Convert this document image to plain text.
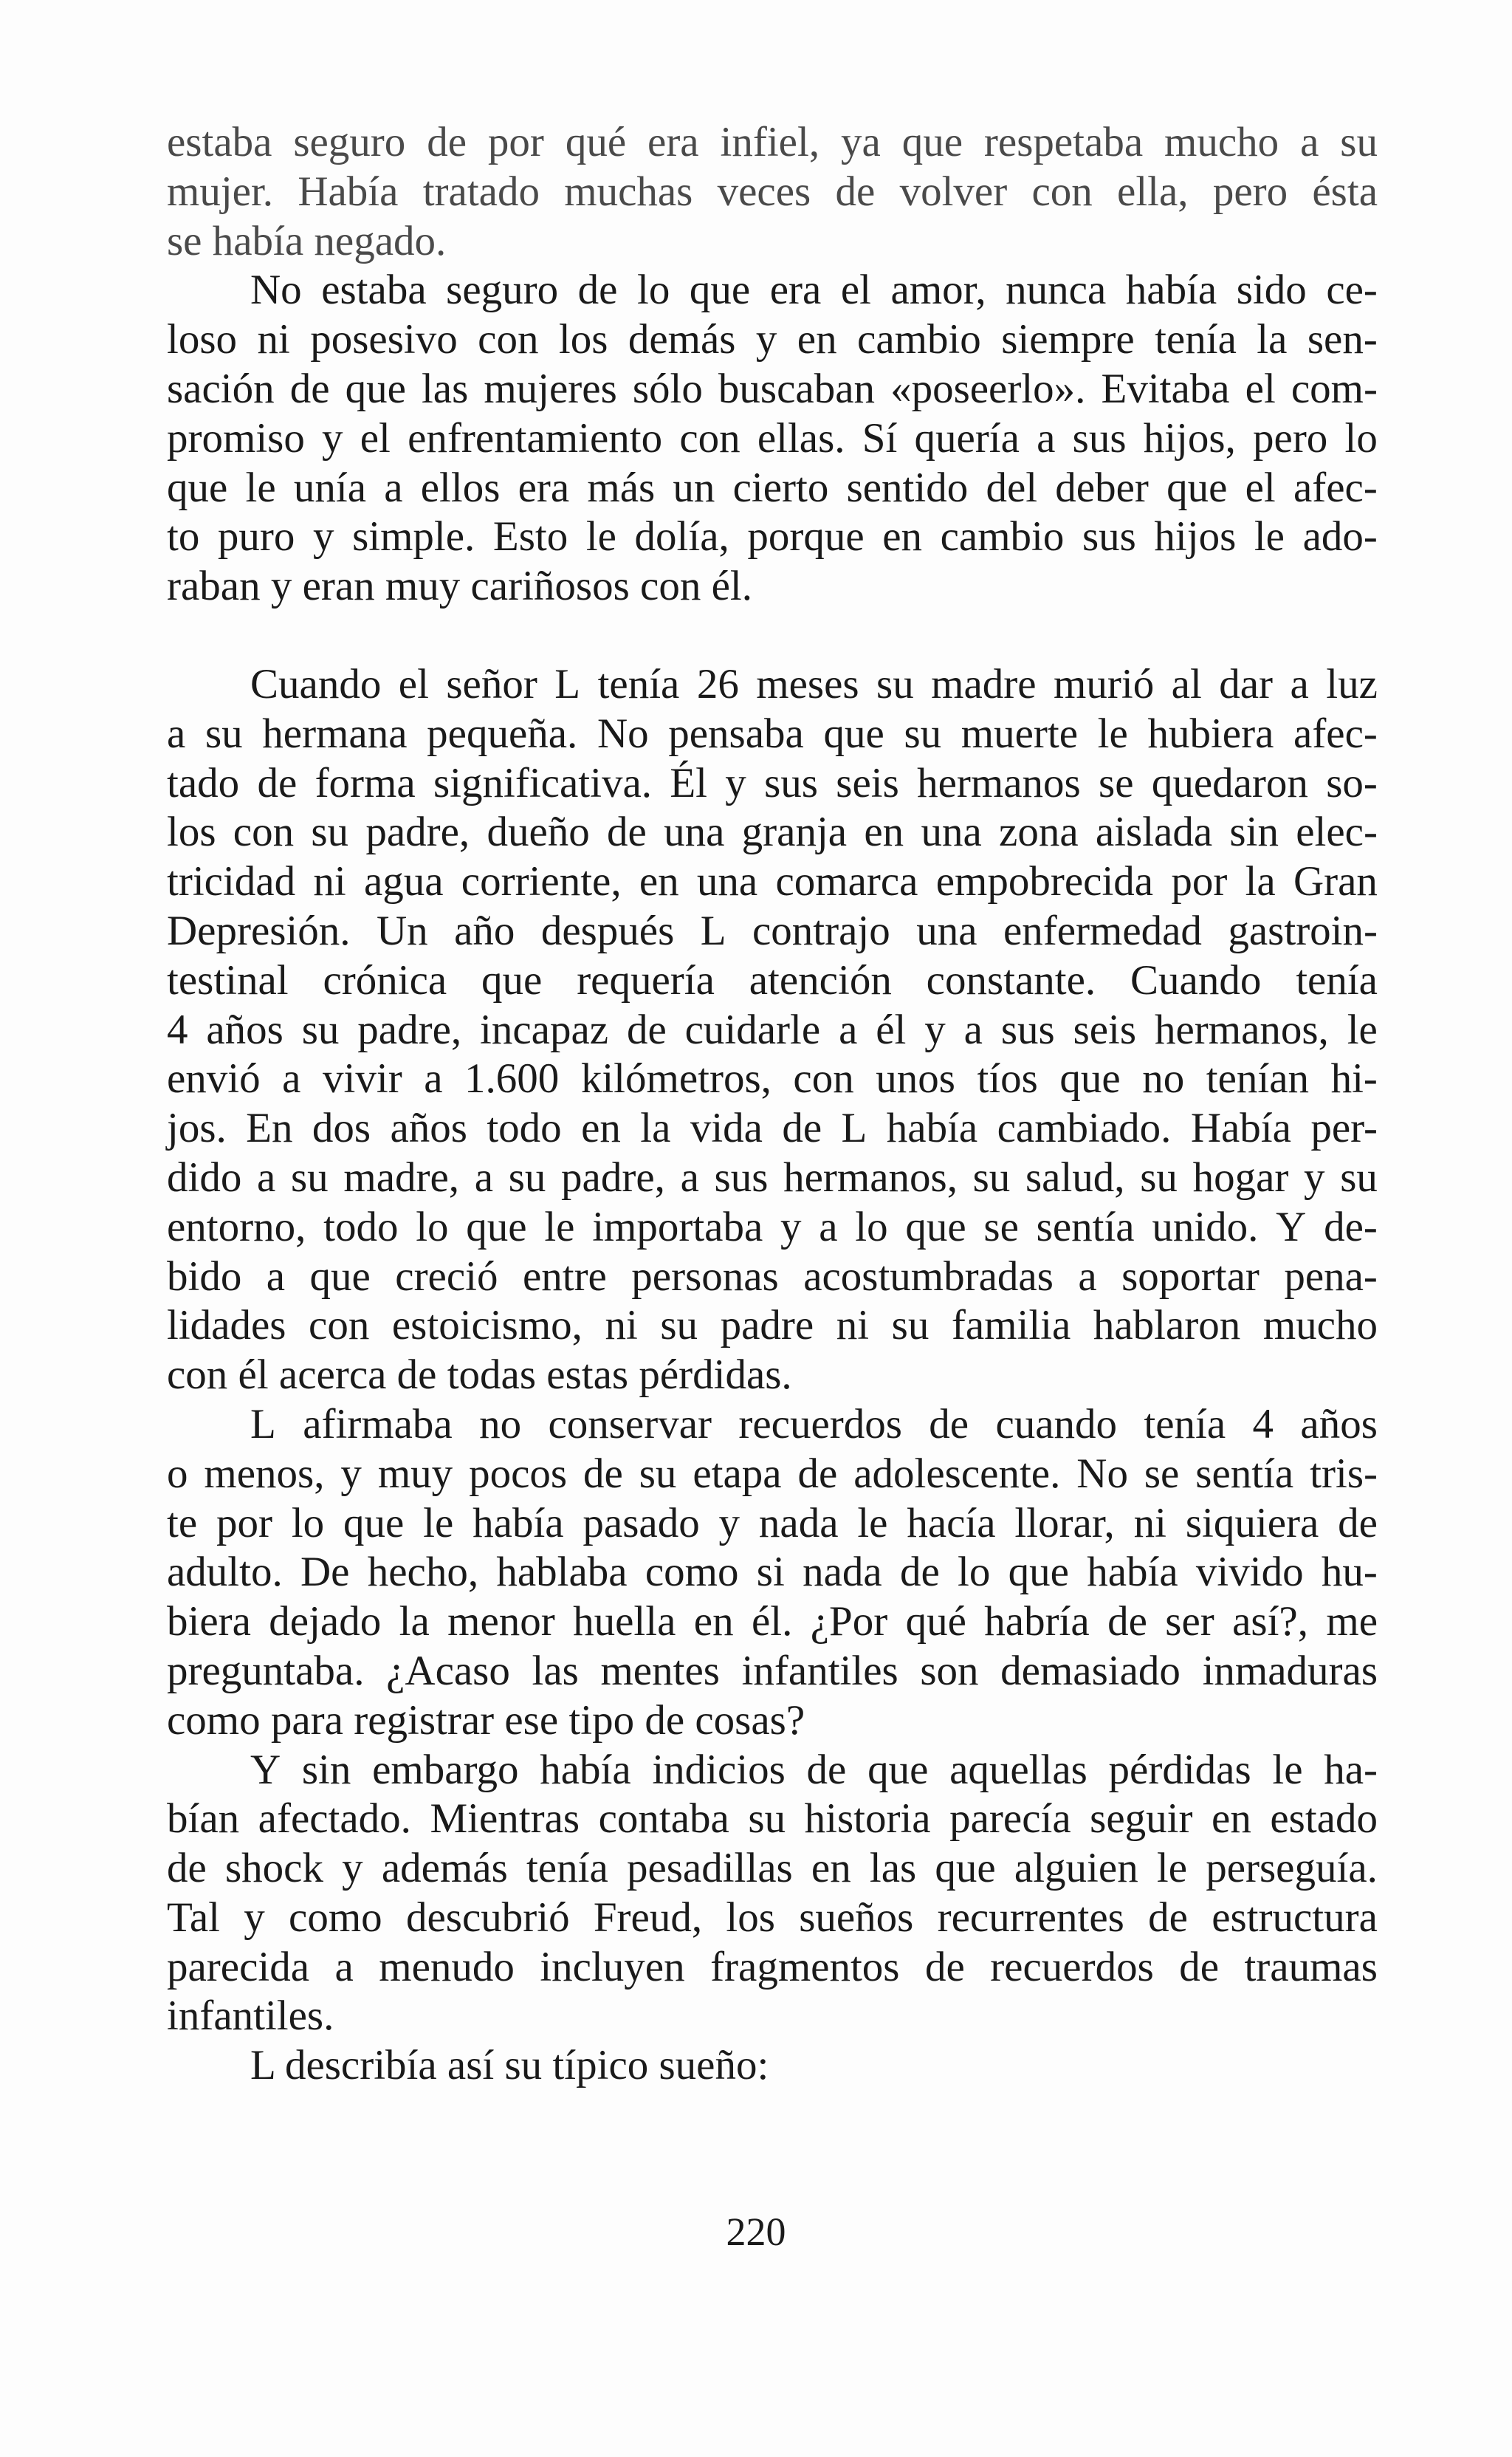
estaba seguro de por qué era infiel, ya que respetaba mucho a su
mujer. Había tratado muchas veces de volver con ella, pero ésta
se había negado.
No estaba seguro de lo que era el amor, nunca había sido ce-
loso ni posesivo con los demás y en cambio siempre tenía la sen-
sación de que las mujeres sólo buscaban «poseerlo». Evitaba el com-
promiso y el enfrentamiento con ellas. Sí quería a sus hijos, pero lo
que le unía a ellos era más un cierto sentido del deber que el afec-
to puro y simple. Esto le dolía, porque en cambio sus hijos le ado-
raban y eran muy cariñosos con él.
Cuando el señor L tenía 26 meses su madre murió al dar a luz
a su hermana pequeña. No pensaba que su muerte le hubiera afec-
tado de forma significativa. Él y sus seis hermanos se quedaron so-
los con su padre, dueño de una granja en una zona aislada sin elec-
tricidad ni agua corriente, en una comarca empobrecida por la Gran
Depresión. Un año después L contrajo una enfermedad gastroin-
testinal crónica que requería atención constante. Cuando tenía
4 años su padre, incapaz de cuidarle a él y a sus seis hermanos, le
envió a vivir a 1.600 kilómetros, con unos tíos que no tenían hi-
jos. En dos años todo en la vida de L había cambiado. Había per-
dido a su madre, a su padre, a sus hermanos, su salud, su hogar y su
entorno, todo lo que le importaba y a lo que se sentía unido. Y de-
bido a que creció entre personas acostumbradas a soportar pena-
lidades con estoicismo, ni su padre ni su familia hablaron mucho
con él acerca de todas estas pérdidas.
L afirmaba no conservar recuerdos de cuando tenía 4 años
o menos, y muy pocos de su etapa de adolescente. No se sentía tris-
te por lo que le había pasado y nada le hacía llorar, ni siquiera de
adulto. De hecho, hablaba como si nada de lo que había vivido hu-
biera dejado la menor huella en él. ¿Por qué habría de ser así?, me
preguntaba. ¿Acaso las mentes infantiles son demasiado inmaduras
como para registrar ese tipo de cosas?
Y sin embargo había indicios de que aquellas pérdidas le ha-
bían afectado. Mientras contaba su historia parecía seguir en estado
de shock y además tenía pesadillas en las que alguien le perseguía.
Tal y como descubrió Freud, los sueños recurrentes de estructura
parecida a menudo incluyen fragmentos de recuerdos de traumas
infantiles.
L describía así su típico sueño:
220
